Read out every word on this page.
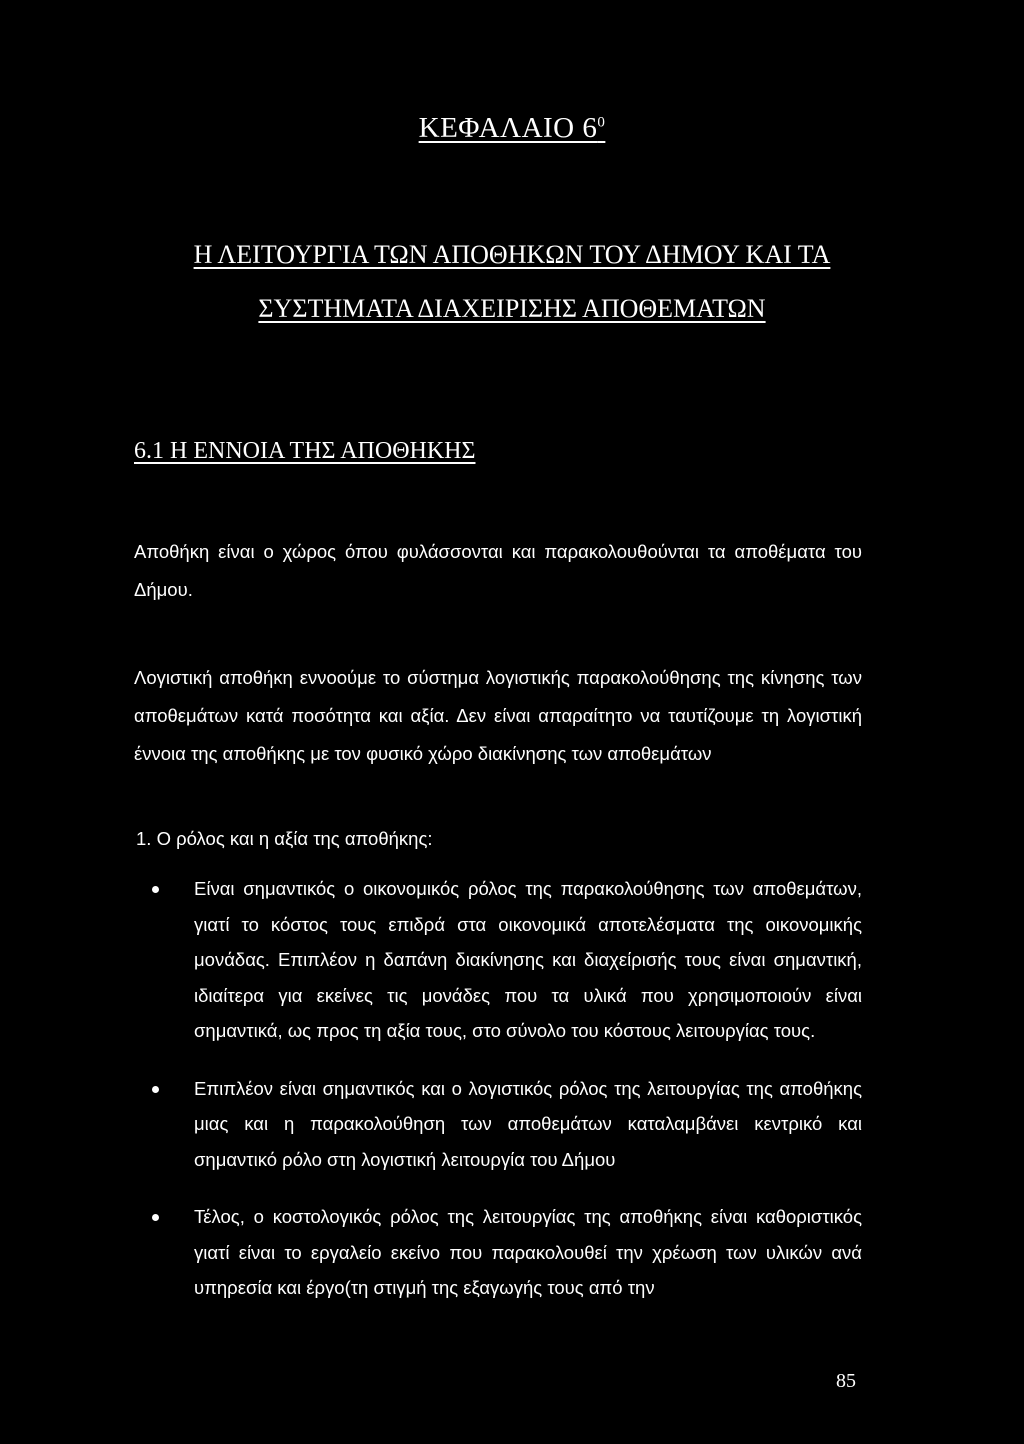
ΚΕΦΑΛΑΙΟ $6^0$
Η ΛΕΙΤΟΥΡΓΙΑ ΤΩΝ ΑΠΟΘΗΚΩΝ ΤΟΥ ΔΗΜΟΥ ΚΑΙ ΤΑ
ΣΥΣΤΗΜΑΤΑ ΔΙΑΧΕΙΡΙΣΗΣ ΑΠΟΘΕΜΑΤΩΝ
6.1 Η ΕΝΝΟΙΑ ΤΗΣ ΑΠΟΘΗΚΗΣ
Αποθήκη είναι ο χώρος όπου φυλάσσονται και παρακολουθούνται τα αποθέματα του Δήμου.
Λογιστική αποθήκη εννοούμε το σύστημα λογιστικής παρακολούθησης της κίνησης των αποθεμάτων κατά ποσότητα και αξία. Δεν είναι απαραίτητο να ταυτίζουμε τη λογιστική έννοια της αποθήκης με τον φυσικό χώρο διακίνησης των αποθεμάτων
1. Ο ρόλος και η αξία της αποθήκης:
Είναι σημαντικός ο οικονομικός ρόλος της παρακολούθησης των αποθεμάτων, γιατί το κόστος τους επιδρά στα οικονομικά αποτελέσματα της οικονομικής μονάδας. Επιπλέον η δαπάνη διακίνησης και διαχείρισής τους είναι σημαντική, ιδιαίτερα για εκείνες τις μονάδες που τα υλικά που χρησιμοποιούν είναι σημαντικά, ως προς τη αξία τους, στο σύνολο του κόστους λειτουργίας τους.
Επιπλέον είναι σημαντικός και ο λογιστικός ρόλος της λειτουργίας της αποθήκης μιας και η παρακολούθηση των αποθεμάτων καταλαμβάνει κεντρικό και σημαντικό ρόλο στη λογιστική λειτουργία του Δήμου
Τέλος, ο κοστολογικός ρόλος της λειτουργίας της αποθήκης είναι καθοριστικός γιατί είναι το εργαλείο εκείνο που παρακολουθεί την χρέωση των υλικών ανά υπηρεσία και έργο(τη στιγμή της εξαγωγής τους από την
85
